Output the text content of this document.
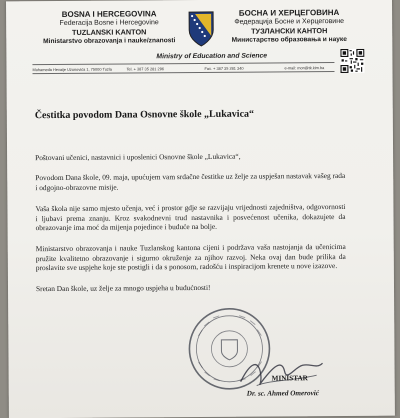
BOSNA I HERCEGOVINA
Federacija Bosne i Hercegovine
TUZLANSKI KANTON
Ministarstvo obrazovanja i nauke/znanosti
БОСНА И ХЕРЦЕГОВИНА
Федерација Босне и Херцеговине
ТУЗЛАНСКИ КАНТОН
Министарство образовања и науке
Ministry of Education and Science
Muhameda Hevaije Uzunovića 1, 75000 Tuzla	Tel. + 387 35 281 296	Fax. + 387 35 281 340	e-mail: mon@tk.kim.ba
Čestitka povodom Dana Osnovne škole „Lukavica“
Poštovani učenici, nastavnici i uposlenici Osnovne škole „Lukavica“,
Povodom Dana škole, 09. maja, upućujem vam srdačne čestitke uz želje za uspješan nastavak vašeg rada i odgojno-obrazovne misije.
Vaša škola nije samo mjesto učenja, već i prostor gdje se razvijaju vrijednosti zajedništva, odgovornosti i ljubavi prema znanju. Kroz svakodnevni trud nastavnika i posvećenost učenika, dokazujete da obrazovanje ima moć da mijenja pojedince i buduće na bolje.
Ministarstvo obrazovanja i nauke Tuzlanskog kantona cijeni i podržava vaša nastojanja da učenicima pružite kvalitetno obrazovanje i sigurno okruženje za njihov razvoj. Neka ovaj dan bude prilika da proslavite sve uspjehe koje ste postigli i da s ponosom, radošću i inspiracijom krenete u nove izazove.
Sretan Dan škole, uz želje za mnogo uspjeha u budućnosti!
MINISTAR
Dr. sc. Ahmed Omerović
